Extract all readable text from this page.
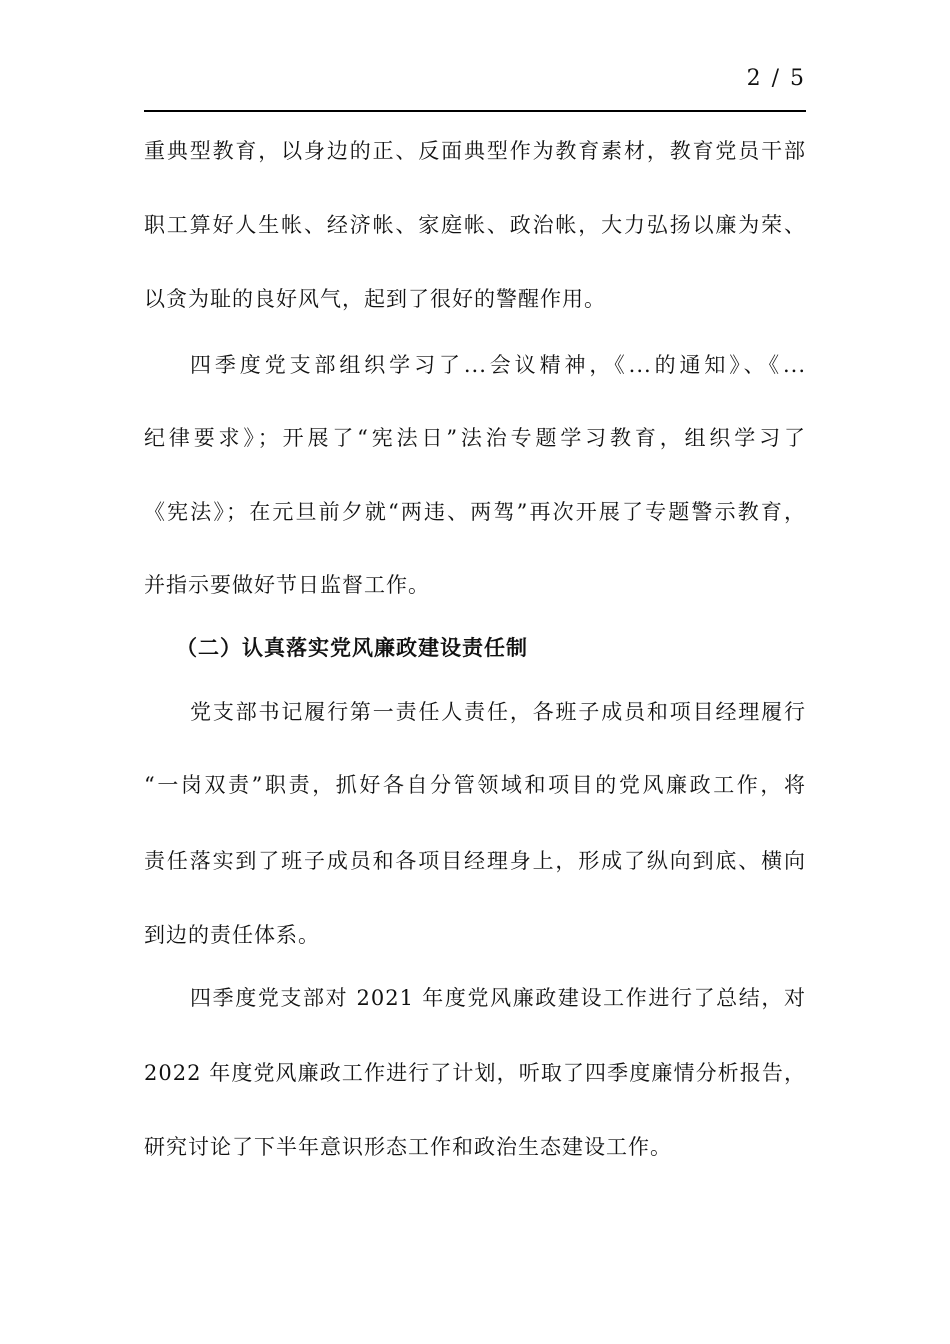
2 / 5
重典型教育，以身边的正、反面典型作为教育素材，教育党员干部
职工算好人生帐、经济帐、家庭帐、政治帐，大力弘扬以廉为荣、
以贪为耻的良好风气，起到了很好的警醒作用。
四季度党支部组织学习了...会议精神，《...的通知》、《...
纪律要求》；开展了“宪法日”法治专题学习教育，组织学习了
《宪法》；在元旦前夕就“两违、两驾”再次开展了专题警示教育，
并指示要做好节日监督工作。
（二）认真落实党风廉政建设责任制
党支部书记履行第一责任人责任，各班子成员和项目经理履行
“一岗双责”职责，抓好各自分管领域和项目的党风廉政工作，将
责任落实到了班子成员和各项目经理身上，形成了纵向到底、横向
到边的责任体系。
四季度党支部对 2021 年度党风廉政建设工作进行了总结，对
2022 年度党风廉政工作进行了计划，听取了四季度廉情分析报告，
研究讨论了下半年意识形态工作和政治生态建设工作。
